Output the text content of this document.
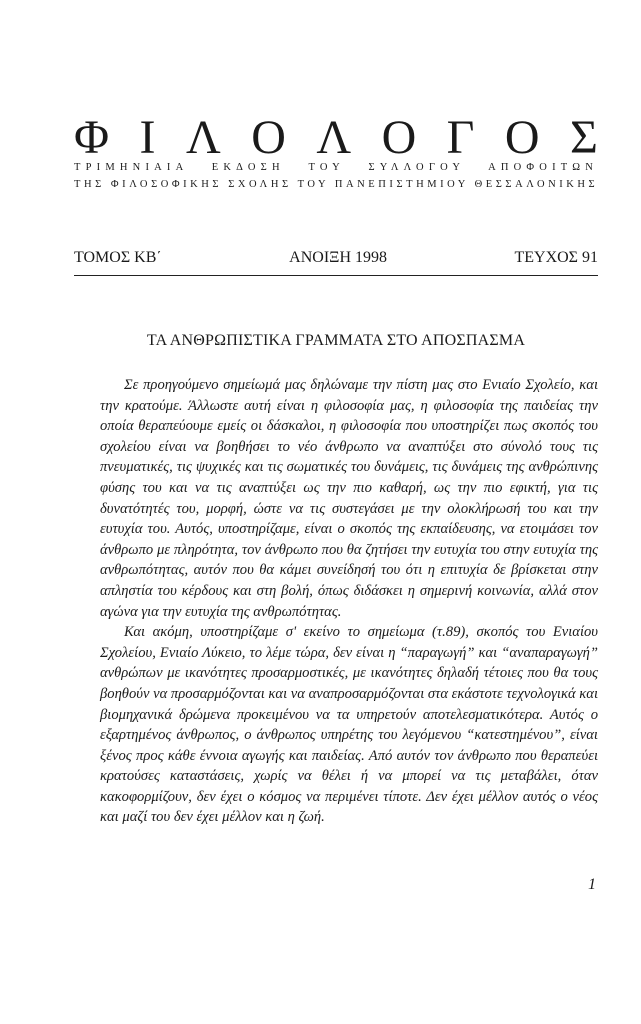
Φ Ι Λ Ο Λ Ο Γ Ο Σ
ΤΡΙΜΗΝΙΑΙΑ ΕΚΔΟΣΗ ΤΟΥ ΣΥΛΛΟΓΟΥ ΑΠΟΦΟΙΤΩΝ
ΤΗΣ ΦΙΛΟΣΟΦΙΚΗΣ ΣΧΟΛΗΣ ΤΟΥ ΠΑΝΕΠΙΣΤΗΜΙΟΥ ΘΕΣΣΑΛΟΝΙΚΗΣ
ΤΟΜΟΣ ΚΒ΄	ΑΝΟΙΞΗ 1998	ΤΕΥΧΟΣ 91
ΤΑ ΑΝΘΡΩΠΙΣΤΙΚΑ ΓΡΑΜΜΑΤΑ ΣΤΟ ΑΠΟΣΠΑΣΜΑ

Σε προηγούμενο σημείωμά μας δηλώναμε την πίστη μας στο Ενιαίο Σχολείο, και την κρατούμε. Άλλωστε αυτή είναι η φιλοσοφία μας, η φιλοσοφία της παιδείας την οποία θεραπεύουμε εμείς οι δάσκαλοι, η φιλοσοφία που υποστηρίζει πως σκοπός του σχολείου είναι να βοηθήσει το νέο άνθρωπο να αναπτύξει στο σύνολό τους τις πνευματικές, τις ψυχικές και τις σωματικές του δυνάμεις, τις δυνάμεις της ανθρώπινης φύσης του και να τις αναπτύξει ως την πιο καθαρή, ως την πιο εφικτή, για τις δυνατότητές του, μορφή, ώστε να τις συστεγάσει με την ολοκλήρωσή του και την ευτυχία του. Αυτός, υποστηρίζαμε, είναι ο σκοπός της εκπαίδευσης, να ετοιμάσει τον άνθρωπο με πληρότητα, τον άνθρωπο που θα ζητήσει την ευτυχία του στην ευτυχία της ανθρωπότητας, αυτόν που θα κάμει συνείδησή του ότι η επιτυχία δε βρίσκεται στην απληστία του κέρδους και στη βολή, όπως διδάσκει η σημερινή κοινωνία, αλλά στον αγώνα για την ευτυχία της ανθρωπότητας.

Και ακόμη, υποστηρίζαμε σ' εκείνο το σημείωμα (τ.89), σκοπός του Ενιαίου Σχολείου, Ενιαίο Λύκειο, το λέμε τώρα, δεν είναι η “παραγωγή” και “αναπαραγωγή” ανθρώπων με ικανότητες προσαρμοστικές, με ικανότητες δηλαδή τέτοιες που θα τους βοηθούν να προσαρμόζονται και να αναπροσαρμόζονται στα εκάστοτε τεχνολογικά και βιομηχανικά δρώμενα προκειμένου να τα υπηρετούν αποτελεσματικότερα. Αυτός ο εξαρτημένος άνθρωπος, ο άνθρωπος υπηρέτης του λεγόμενου “κατεστημένου”, είναι ξένος προς κάθε έννοια αγωγής και παιδείας. Από αυτόν τον άνθρωπο που θεραπεύει κρατούσες καταστάσεις, χωρίς να θέλει ή να μπορεί να τις μεταβάλει, όταν κακοφορμίζουν, δεν έχει ο κόσμος να περιμένει τίποτε. Δεν έχει μέλλον αυτός ο νέος και μαζί του δεν έχει μέλλον και η ζωή.

1
